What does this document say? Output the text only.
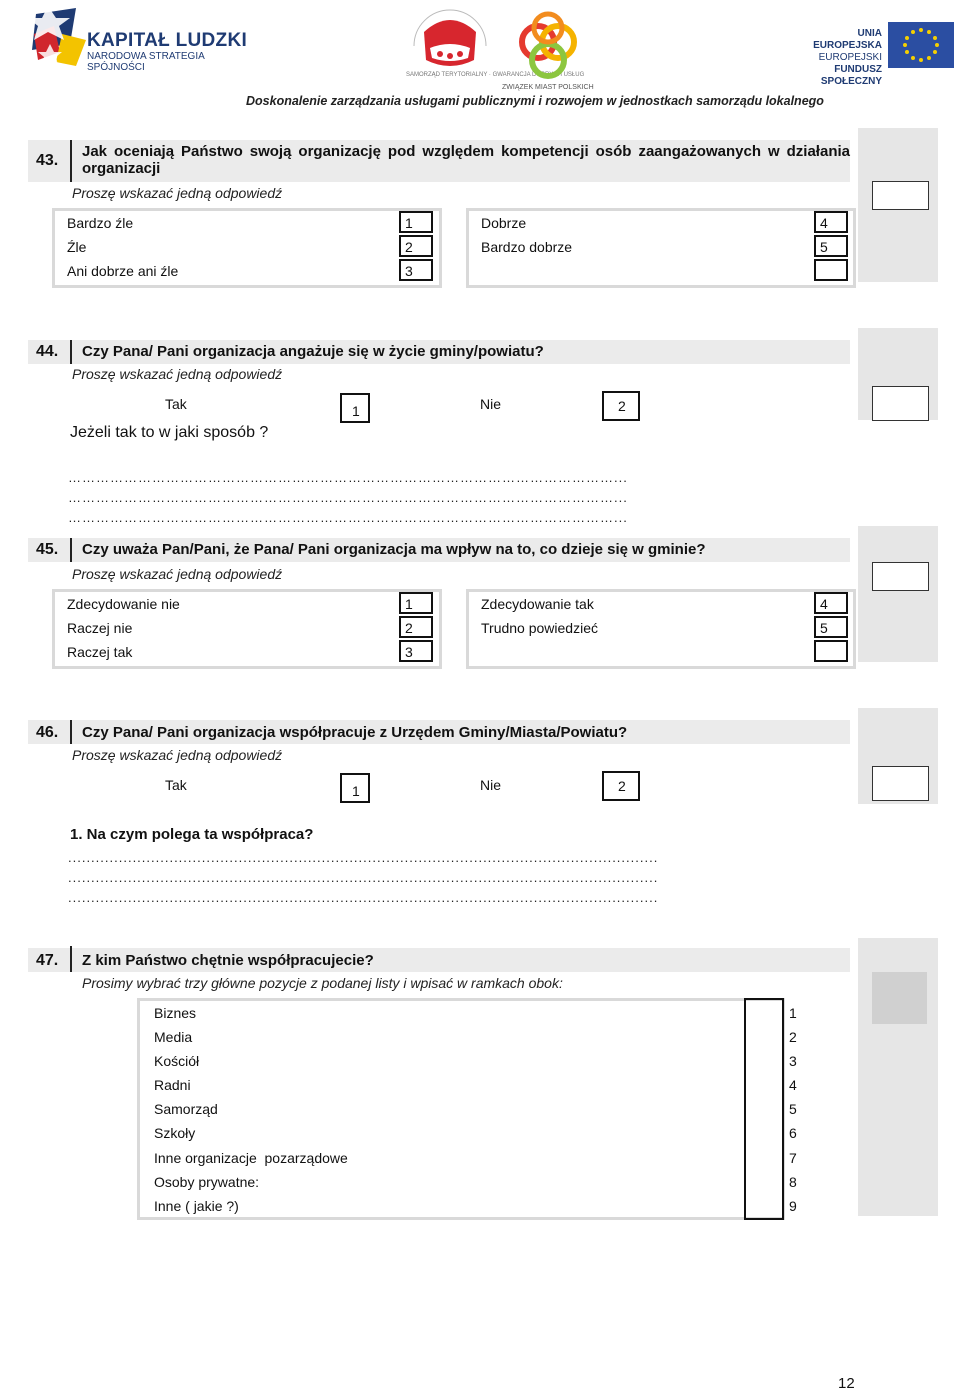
KAPITAŁ LUDZKI
NARODOWA STRATEGIA SPÓJNOŚCI
SAMORZĄD TERYTORIALNY · GWARANCJA DOBRYCH USŁUG
ZWIĄZEK MIAST POLSKICH
UNIA EUROPEJSKA
EUROPEJSKI
FUNDUSZ SPOŁECZNY
Doskonalenie zarządzania usługami publicznymi i rozwojem w jednostkach samorządu lokalnego
43.
Jak oceniają Państwo swoją organizację pod względem kompetencji osób zaangażowanych w działania
organizacji
Proszę wskazać jedną odpowiedź
Bardzo źle	1
Źle	2
Ani dobrze ani źle	3
Dobrze	4
Bardzo dobrze	5
44. Czy Pana/ Pani organizacja angażuje się w życie gminy/powiatu?
Proszę wskazać jedną odpowiedź
Tak	1	Nie	2
Jeżeli tak to w jaki sposób ?
………………………………………………………………………………………………………...
………………………………………………………………………………………………………...
………………………………………………………………………………………………………...
45. Czy uważa Pan/Pani, że Pana/ Pani organizacja ma wpływ na to, co dzieje się w gminie?
Proszę wskazać jedną odpowiedź
Zdecydowanie nie	1
Raczej nie	2
Raczej tak	3
Zdecydowanie tak	4
Trudno powiedzieć	5
46. Czy Pana/ Pani organizacja współpracuje z Urzędem Gminy/Miasta/Powiatu?
Proszę wskazać jedną odpowiedź
Tak	1	Nie	2
1. Na czym polega ta współpraca?
................................................................................................................................
................................................................................................................................
................................................................................................................................
47. Z kim Państwo chętnie współpracujecie?
Prosimy wybrać trzy główne pozycje z podanej listy i wpisać w ramkach obok:
Biznes	1
Media	2
Kościół	3
Radni	4
Samorząd	5
Szkoły	6
Inne organizacje  pozarządowe	7
Osoby prywatne:	8
Inne ( jakie ?)	9
12
